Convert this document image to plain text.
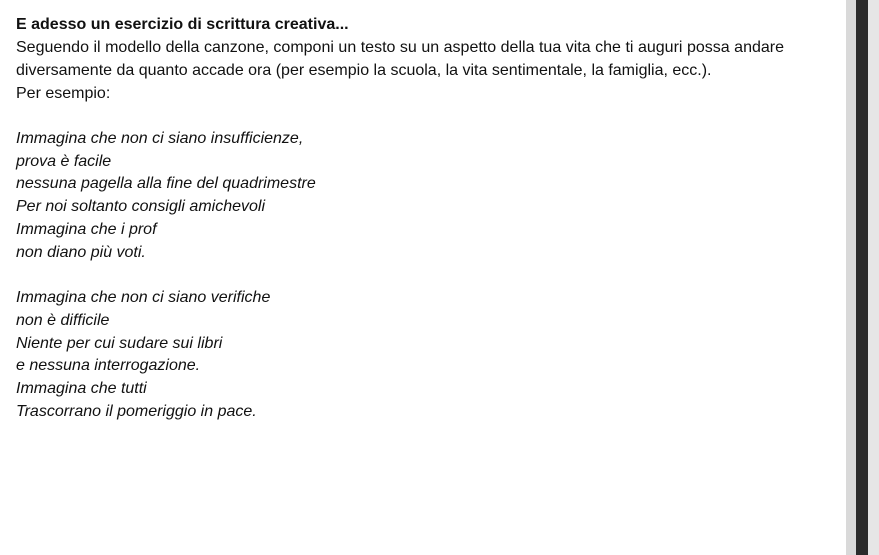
E adesso un esercizio di scrittura creativa...

Seguendo il modello della canzone, componi un testo su un aspetto della tua vita che ti auguri possa andare diversamente da quanto accade ora (per esempio la scuola, la vita sentimentale, la famiglia, ecc.).

Per esempio:

Immagina che non ci siano insufficienze,
prova è facile
nessuna pagella alla fine del quadrimestre
Per noi soltanto consigli amichevoli
Immagina che i prof
non diano più voti.
Immagina che non ci siano verifiche
non è difficile
Niente per cui sudare sui libri
e nessuna interrogazione.
Immagina che tutti
Trascorrano il pomeriggio in pace.
